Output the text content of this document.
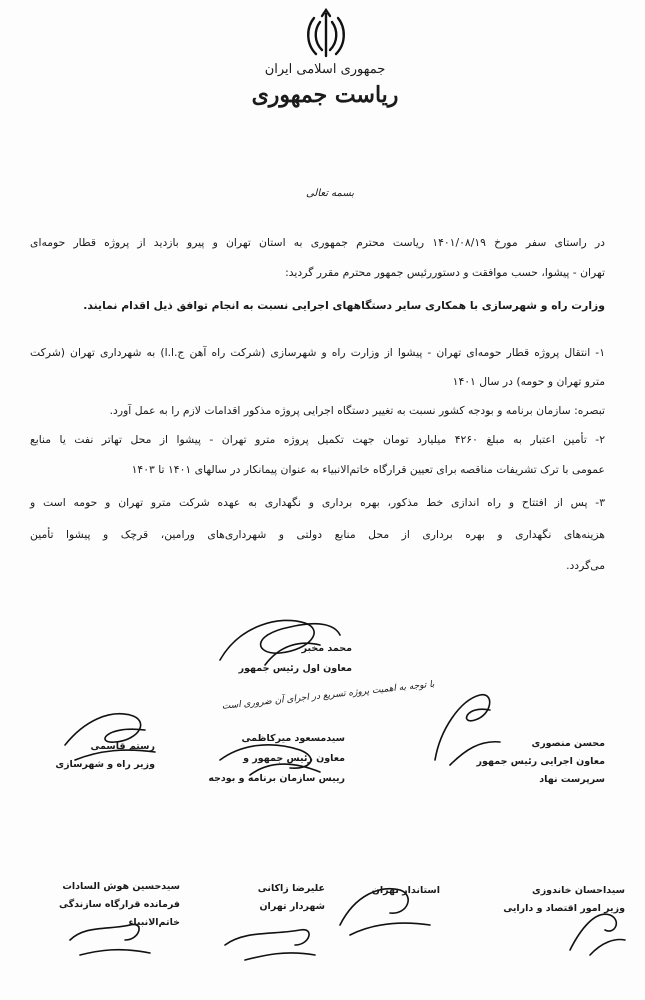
جمهوری اسلامی ایران
ریاست جمهوری
بسمه تعالی
در راستای سفر مورخ ۱۴۰۱/۰۸/۱۹ ریاست محترم جمهوری به استان تهران و پیرو بازدید از پروژه قطار حومه‌ای
تهران - پیشوا، حسب موافقت و دستوررئیس جمهور محترم مقرر گردید:
وزارت راه و شهرسازی با همکاری سایر دستگاههای اجرایی نسبت به انجام توافق ذیل اقدام نمایند.
۱- انتقال پروژه قطار حومه‌ای تهران - پیشوا از وزارت راه و شهرسازی (شرکت راه آهن ج.ا.ا) به شهرداری تهران (شرکت
مترو تهران و حومه) در سال ۱۴۰۱
تبصره: سازمان برنامه و بودجه کشور نسبت به تغییر دستگاه اجرایی پروژه مذکور اقدامات لازم را به عمل آورد.
۲- تأمین اعتبار به مبلغ ۴۲۶۰ میلیارد تومان جهت تکمیل پروژه مترو تهران - پیشوا از محل تهاتر نفت یا منابع
عمومی با ترک تشریفات مناقصه برای تعیین قرارگاه خاتم‌الانبیاء به عنوان پیمانکار در سالهای ۱۴۰۱ تا ۱۴۰۳
۳- پس از افتتاح و راه اندازی خط مذکور، بهره برداری و نگهداری به عهده شرکت مترو تهران و حومه است و
هزینه‌های نگهداری و بهره برداری از محل منابع دولتی و شهرداری‌های ورامین، قرچک و پیشوا تأمین
می‌گردد.
محمد مخبر
معاون اول رئیس جمهور
با توجه به اهمیت پروژه تسریع در اجرای آن ضروری است
محسن منصوری
معاون اجرایی رئیس جمهور
سرپرست نهاد
سیدمسعود میرکاظمی
معاون رئیس جمهور و
رییس سازمان برنامه و بودجه
رستم قاسمی
وزیر راه و شهرسازی
سیداحسان خاندوزی
وزیر امور اقتصاد و دارایی
استاندار تهران
علیرضا زاکانی
شهردار تهران
سیدحسین هوش السادات
فرمانده قرارگاه سازندگی
خاتم‌الانبیاء
